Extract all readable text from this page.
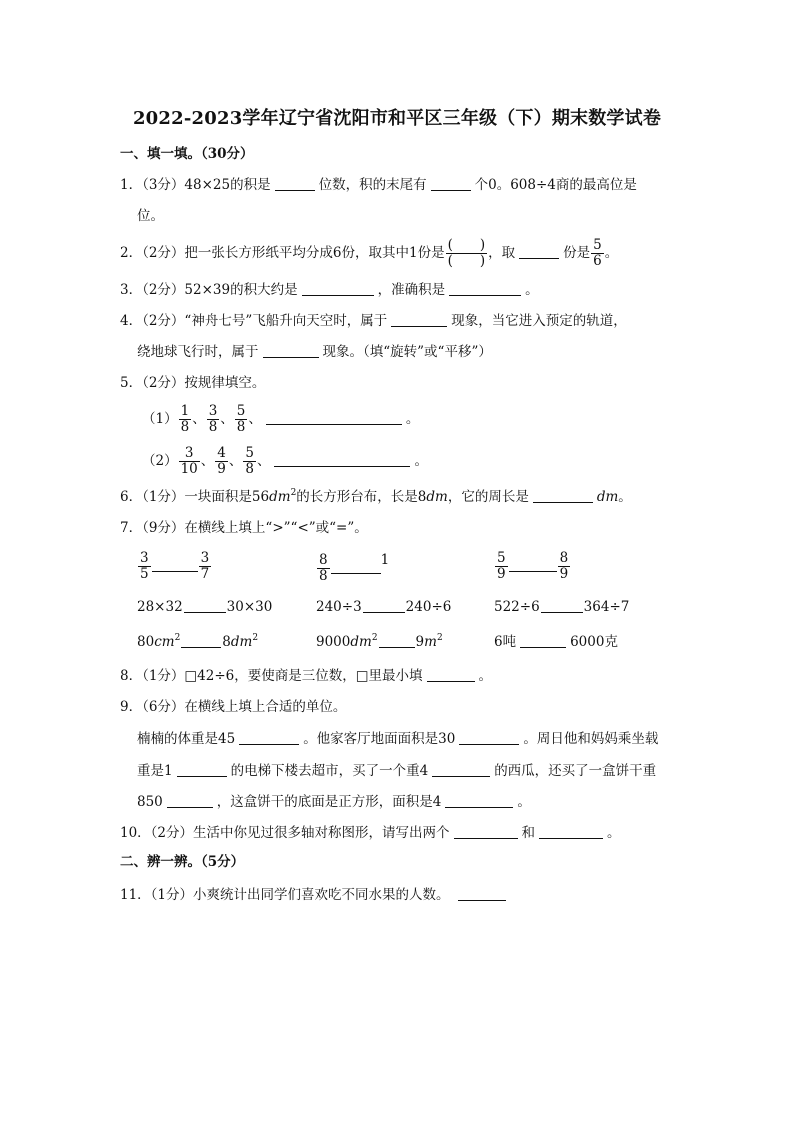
2022-2023学年辽宁省沈阳市和平区三年级（下）期末数学试卷
一、填一填。（30分）
1．（3分）48×25的积是	位数，积的末尾有	个0。608÷4商的最高位是
位。
2．（2分）把一张长方形纸平均分成6份，取其中1份是 $\frac{( )}{( )}$ ，取	份是 $\frac{5}{6}$ 。
3．（2分）52×39的积大约是	，准确积是	。
4．（2分）“神舟七号”飞船升向天空时，属于	现象，当它进入预定的轨道，
绕地球飞行时，属于	现象。（填“旋转”或“平移”）
5．（2分）按规律填空。
$(1) \frac{1}{8}$ 、 $\frac{3}{8}$ 、 $\frac{5}{8}$ 、	。
$(2) \frac{3}{10}$ 、 $\frac{4}{9}$ 、 $\frac{5}{8}$ 、	。
6．（1分）一块面积是$56dm^2$的长方形台布，长是8dm，它的周长是	dm。
7．（9分）在横线上填上“>”“<”或“=”。
$\frac{3}{5}$	$\frac{3}{7}$	$\frac{8}{8}$	1	$\frac{5}{9}$	$\frac{8}{9}$
28×32	30×30	240÷3	240÷6	522÷6	364÷7
$80cm^2$	$8dm^2$	$9000dm^2$	$9m^2$	6吨	6000克
8．（1分）□42÷6，要使商是三位数，□里最小填	。
9．（6分）在横线上填上合适的单位。
楠楠的体重是45	。他家客厅地面面积是30	。周日他和妈妈乘坐载
重是1	的电梯下楼去超市，买了一个重4	的西瓜，还买了一盒饼干重
850	，这盒饼干的底面是正方形，面积是4	。
10．（2分）生活中你见过很多轴对称图形，请写出两个	和	。
二、辨一辨。（5分）
11．（1分）小爽统计出同学们喜欢吃不同水果的人数。
